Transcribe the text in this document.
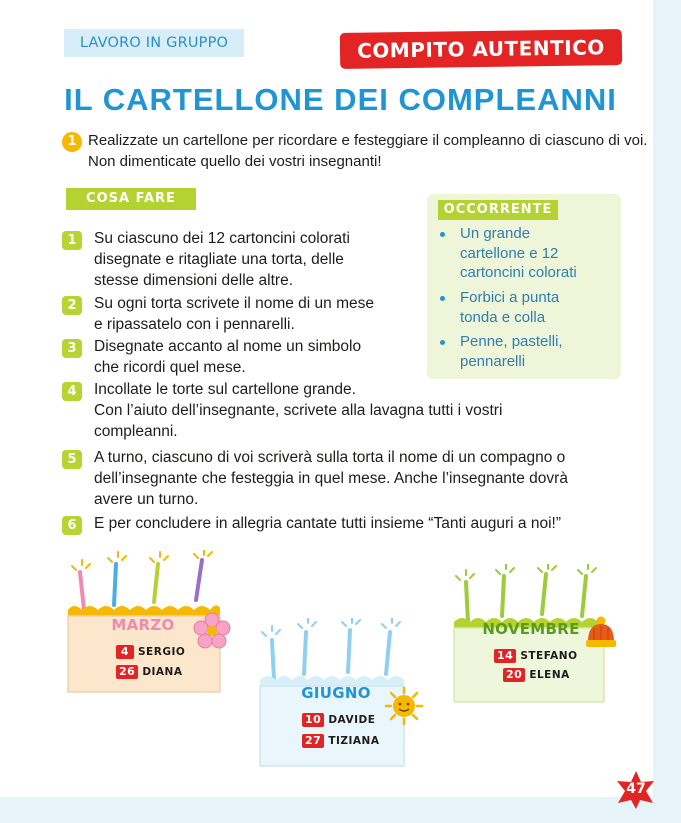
LAVORO IN GRUPPO	COMPITO AUTENTICO
IL CARTELLONE DEI COMPLEANNI
1 Realizzate un cartellone per ricordare e festeggiare il compleanno di ciascuno di voi. Non dimenticate quello dei vostri insegnanti!

COSA FARE
OCCORRENTE
Un grande
cartellone e 12
cartoncini colorati
Forbici a punta
tonda e colla
Penne, pastelli,
pennarelli
1	Su ciascuno dei 12 cartoncini colorati
disegnate e ritagliate una torta, delle
stesse dimensioni delle altre.
2	Su ogni torta scrivete il nome di un mese
e ripassatelo con i pennarelli.
3	Disegnate accanto al nome un simbolo
che ricordi quel mese.
4	Incollate le torte sul cartellone grande.
Con l’aiuto dell’insegnante, scrivete alla lavagna tutti i vostri
compleanni.
5	A turno, ciascuno di voi scriverà sulla torta il nome di un compagno o
dell’insegnante che festeggia in quel mese. Anche l’insegnante dovrà
avere un turno.
6	E per concludere in allegria cantate tutti insieme “Tanti auguri a noi!”
MARZO
4 SERGIO
26 DIANA
GIUGNO
10 DAVIDE
27 TIZIANA
NOVEMBRE
14 STEFANO
20 ELENA
47
